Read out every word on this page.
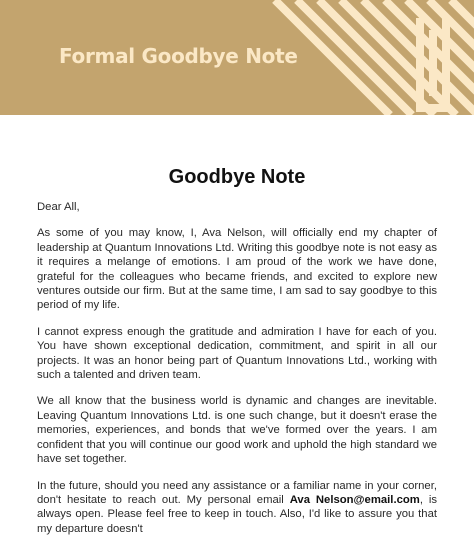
Formal Goodbye Note
Goodbye Note

Dear All,

As some of you may know, I, Ava Nelson, will officially end my chapter of leadership at Quantum Innovations Ltd. Writing this goodbye note is not easy as it requires a melange of emotions. I am proud of the work we have done, grateful for the colleagues who became friends, and excited to explore new ventures outside our firm. But at the same time, I am sad to say goodbye to this period of my life.

I cannot express enough the gratitude and admiration I have for each of you. You have shown exceptional dedication, commitment, and spirit in all our projects. It was an honor being part of Quantum Innovations Ltd., working with such a talented and driven team.

We all know that the business world is dynamic and changes are inevitable. Leaving Quantum Innovations Ltd. is one such change, but it doesn't erase the memories, experiences, and bonds that we've formed over the years. I am confident that you will continue our good work and uphold the high standard we have set together.

In the future, should you need any assistance or a familiar name in your corner, don't hesitate to reach out. My personal email Ava Nelson@email.com, is always open. Please feel free to keep in touch. Also, I'd like to assure you that my departure doesn't
